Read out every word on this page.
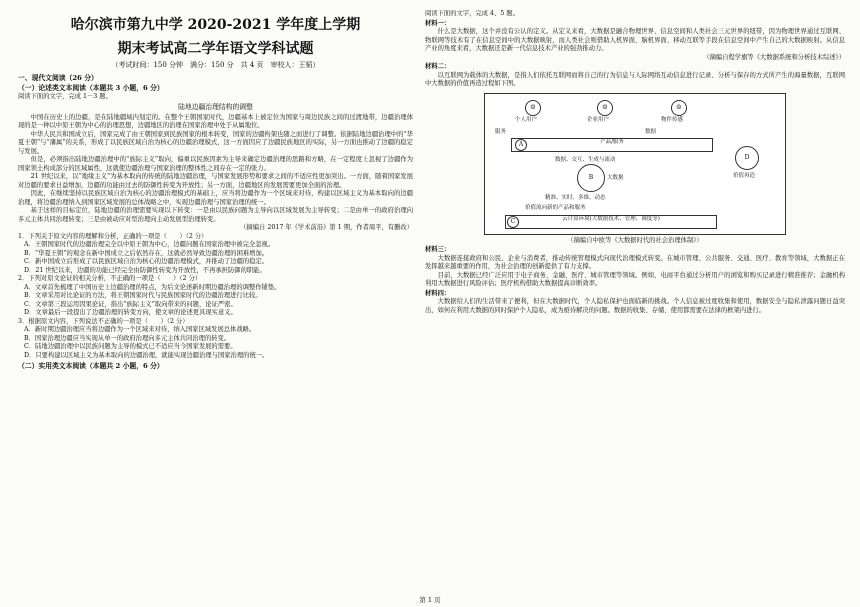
哈尔滨市第九中学 2020-2021 学年度上学期
期末考试高二学年语文学科试题
（考试时间：150 分钟　满分：150 分　共 4 页　审校人：王韬）
一、现代文阅读（26 分）
（一）论述类文本阅读（本题共 3 小题，6 分）

阅读下面的文字，完成 1－3 题。

陆地边疆治理结构的调整

中国在历史上的边疆，是在陆地疆域内划定的。在整个王朝国家时代，边疆基本上被定位为国家与周边民族之间的过渡地带，边疆治理体现的是一种以中原王朝为中心的治理思想，边疆地区的治理在国家治理中处于从属地位。

中华人民共和国成立后，国家完成了由王朝国家到民族国家的根本转变，国家的边疆构架也随之而进行了调整。依据陆地边疆治理中的“华夏王朝”与“藩属”的关系，形成了以民族区域自治为核心的边疆治理模式，这一方面因应了边疆民族地区的实际，另一方面也推动了边疆的稳定与发展。

但是，必须指出陆地边疆治理中的“族际主义”取向，偏重以民族因素为主导来确定边疆治理的思路和方略，在一定程度上忽视了边疆作为国家领土构成部分的区域属性，这就使边疆治理与国家治理的整体性之间存在一定的张力。

21 世纪以来，以“地缘主义”为基本取向的传统的陆地边疆治理，与国家发展形势和要求之间的不适应性更加突出。一方面，随着国家发展对边疆的要求日益增加，边疆的功能由过去的防御性转变为开放性；另一方面，边疆地区的发展需要更加全面的治理。

因此，在继续坚持以民族区域自治为核心的边疆治理模式的基础上，应当将边疆作为一个区域来对待，构建以区域主义为基本取向的边疆治理，将边疆治理纳入到国家区域发展的总体战略之中，实现边疆治理与国家治理的统一。

基于这样的目标定位，陆地边疆的治理需要实现以下转变：一是由以民族问题为主导向以区域发展为主导转变；二是由单一的政府治理向多元主体共同治理转变；三是由被动应对型治理向主动发展型治理转变。

（摘编自 2017 年《学术前沿》第 1 期，作者周平，有删改）

1．下列关于原文内容的理解和分析，正确的一项是（　　）（2 分）

A．王朝国家时代的边疆治理完全以中原王朝为中心，边疆问题在国家治理中被完全忽视。

B．“华夏王朝”的观念在新中国成立之后依然存在，这就必然导致边疆治理的困难增加。

C．新中国成立后形成了以民族区域自治为核心的边疆治理模式，并推动了边疆的稳定。

D．21 世纪以来，边疆的功能已经完全由防御性转变为开放性，不再承担防御的职能。

2．下列对原文论证的相关分析，不正确的一项是（　　）（2 分）

A．文章首先梳理了中国历史上边疆治理的特点，为后文论述新时期边疆治理的调整作铺垫。

B．文章采用对比论证的方法，将王朝国家时代与民族国家时代的边疆治理进行比较。

C．文章第三段运用因果论证，指出“族际主义”取向带来的问题，论证严密。

D．文章最后一段提出了边疆治理的转变方向，使文章的论述更具现实意义。

3．根据原文内容，下列说法不正确的一项是（　　）（2 分）

A．新时期边疆治理应当将边疆作为一个区域来对待，纳入国家区域发展总体战略。

B．国家治理边疆应当实现从单一的政府治理向多元主体共同治理的转变。

C．陆地边疆治理中以民族问题为主导的模式已不适应当今国家发展的需要。

D．只要构建以区域主义为基本取向的边疆治理，就能实现边疆治理与国家治理的统一。

（二）实用类文本阅读（本题共 2 小题，6 分）

阅读下面的文字，完成 4、5 题。

材料一：

什么是大数据，这个并没有公认的定义。从定义来看，大数据是融合物理世界、信息空间和人类社会三元世界的纽带，因为物理世界通过互联网、物联网等技术有了在信息空间中的大数据映射，而人类社会则借助人机界面、脑机界面、移动互联等手段在信息空间中产生自己的大数据映射。从信息产业的角度来看，大数据还是新一代信息技术产业的强劲推动力。

（摘编自程学旗等《大数据系统和分析技术综述》）

材料二：

以互联网为载体的大数据，是指人们依托互联网而将自己的行为信息与人际网络互动信息进行记录、分析与保存的方式所产生的海量数据，互联网中大数据的价值再造过程如下图。

☺	☺	☺
个人用户	企业用户	物件传感
服务	数据
产品/服务
A
数据、交互、生成与流动
B	大数据
精准、实时、多维、动态
价值流向新的产品和服务
云计算环境(大数据技术、管理、调度等)
C
D
价值再造
（摘编自中欧等《大数据时代的社会治理体制》）

材料三：

大数据连接政府和公民、企业与消费者，推动传统管理模式向现代治理模式转变。在城市管理、公共服务、交通、医疗、教育等领域，大数据正在发挥越来越重要的作用，为社会治理的创新提供了有力支撑。

目前，大数据已经广泛应用于电子商务、金融、医疗、城市管理等领域。例如，电商平台通过分析用户的浏览和购买记录进行精准推荐；金融机构利用大数据进行风险评估；医疗机构借助大数据提高诊断效率。

材料四：

大数据给人们的生活带来了便利，但在大数据时代，个人隐私保护也面临新的挑战。个人信息被过度收集和使用，数据安全与隐私泄露问题日益突出，如何在利用大数据的同时保护个人隐私，成为亟待解决的问题。数据的收集、存储、使用都需要在法律的框架内进行。

第 1 页
